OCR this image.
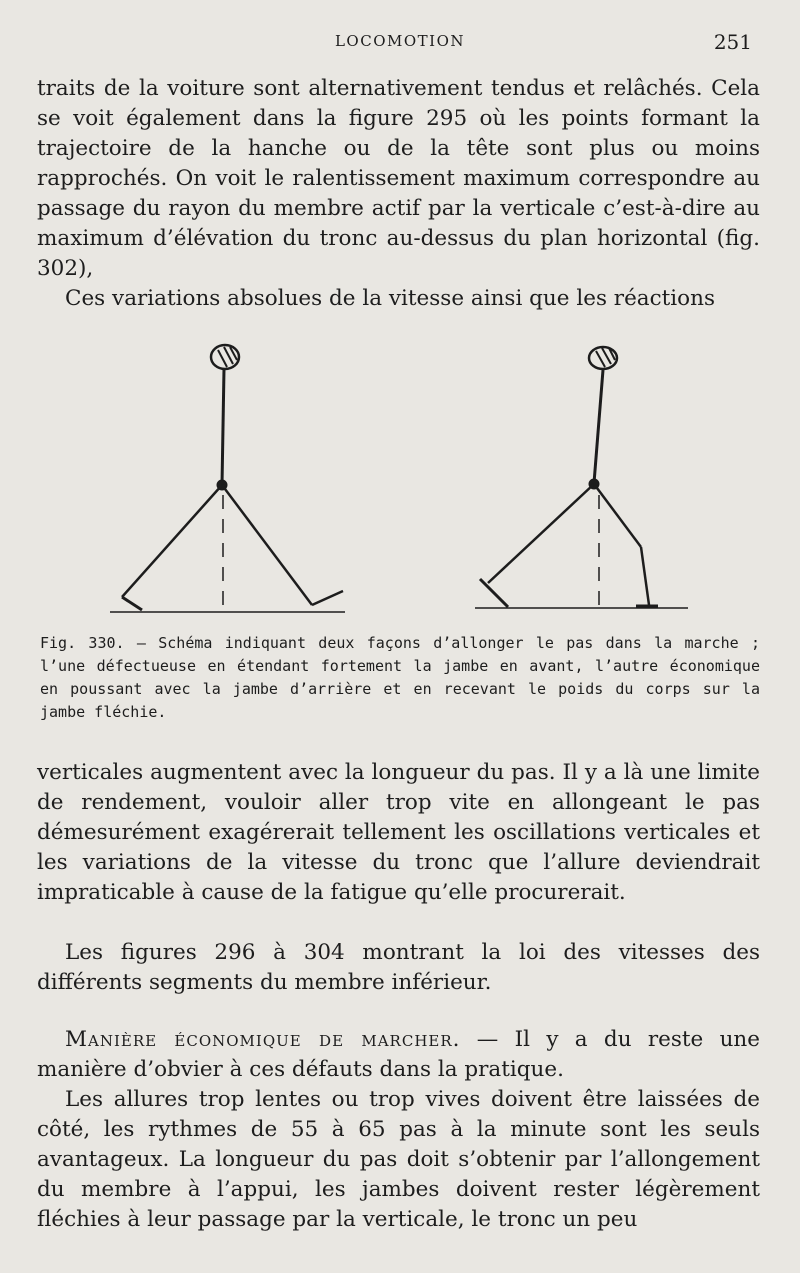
LOCOMOTION	251

traits de la voiture sont alternativement tendus et relâchés. Cela se voit également dans la figure 295 où les points formant la trajectoire de la hanche ou de la tête sont plus ou moins rapprochés. On voit le ralentissement maximum correspondre au passage du rayon du membre actif par la verticale c’est-à-dire au maximum d’élévation du tronc au-dessus du plan horizontal (fig. 302),

Ces variations absolues de la vitesse ainsi que les réactions

Fig. 330. — Schéma indiquant deux façons d’allonger le pas dans la marche ; l’une défectueuse en étendant fortement la jambe en avant, l’autre économique en poussant avec la jambe d’arrière et en recevant le poids du corps sur la jambe fléchie.

verticales augmentent avec la longueur du pas. Il y a là une limite de rendement, vouloir aller trop vite en allongeant le pas démesurément exagérerait tellement les oscillations verticales et les variations de la vitesse du tronc que l’allure deviendrait impraticable à cause de la fatigue qu’elle procurerait.

Les figures 296 à 304 montrant la loi des vitesses des différents segments du membre inférieur.

Manière économique de marcher. — Il y a du reste une manière d’obvier à ces défauts dans la pratique.

Les allures trop lentes ou trop vives doivent être laissées de côté, les rythmes de 55 à 65 pas à la minute sont les seuls avantageux. La longueur du pas doit s’obtenir par l’allongement du membre à l’appui, les jambes doivent rester légèrement fléchies à leur passage par la verticale, le tronc un peu
